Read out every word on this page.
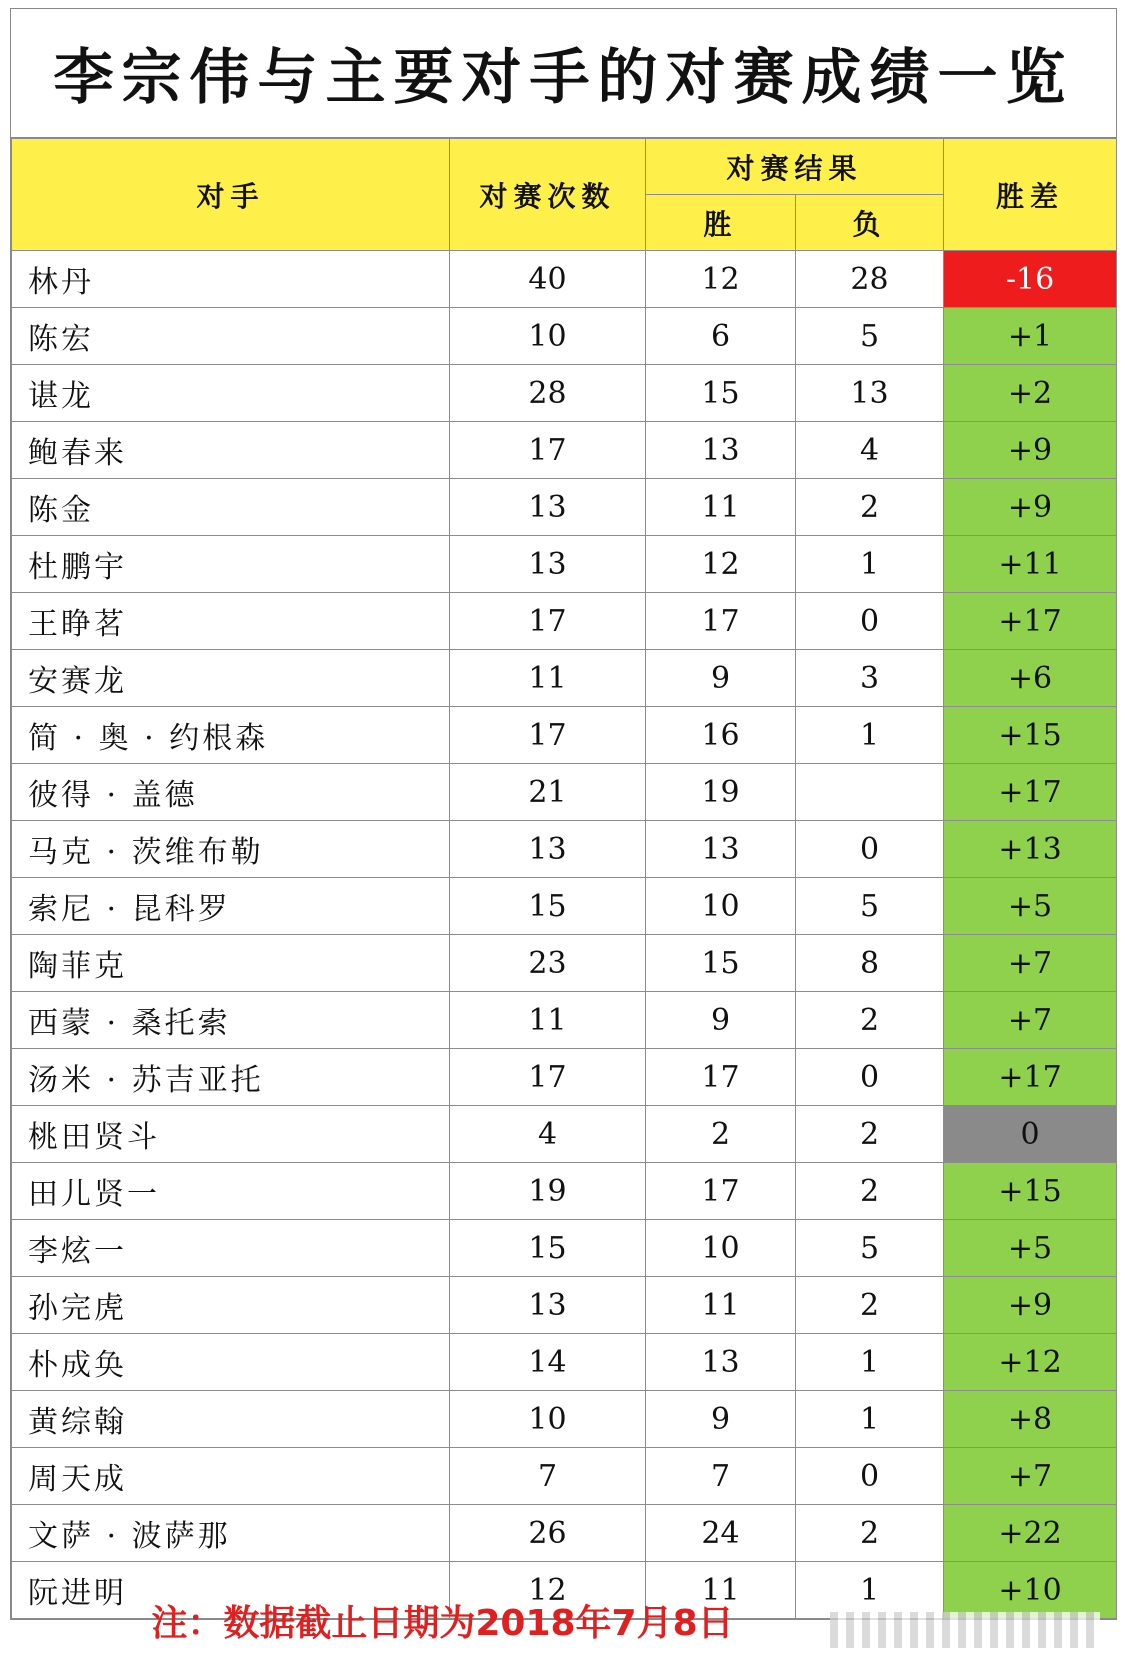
李宗伟与主要对手的对赛成绩一览
对手	对赛次数	对赛结果		胜差
		胜	负	
林丹	40	12	28	-16
陈宏	10	6	5	+1
谌龙	28	15	13	+2
鲍春来	17	13	4	+9
陈金	13	11	2	+9
杜鹏宇	13	12	1	+11
王睁茗	17	17	0	+17
安赛龙	11	9	3	+6
简 · 奥 · 约根森	17	16	1	+15
彼得 · 盖德	21	19		+17
马克 · 茨维布勒	13	13	0	+13
索尼 · 昆科罗	15	10	5	+5
陶菲克	23	15	8	+7
西蒙 · 桑托索	11	9	2	+7
汤米 · 苏吉亚托	17	17	0	+17
桃田贤斗	4	2	2	0
田儿贤一	19	17	2	+15
李炫一	15	10	5	+5
孙完虎	13	11	2	+9
朴成奂	14	13	1	+12
黄综翰	10	9	1	+8
周天成	7	7	0	+7
文萨 · 波萨那	26	24	2	+22
阮进明	12	11	1	+10
注：数据截止日期为2018年7月8日
